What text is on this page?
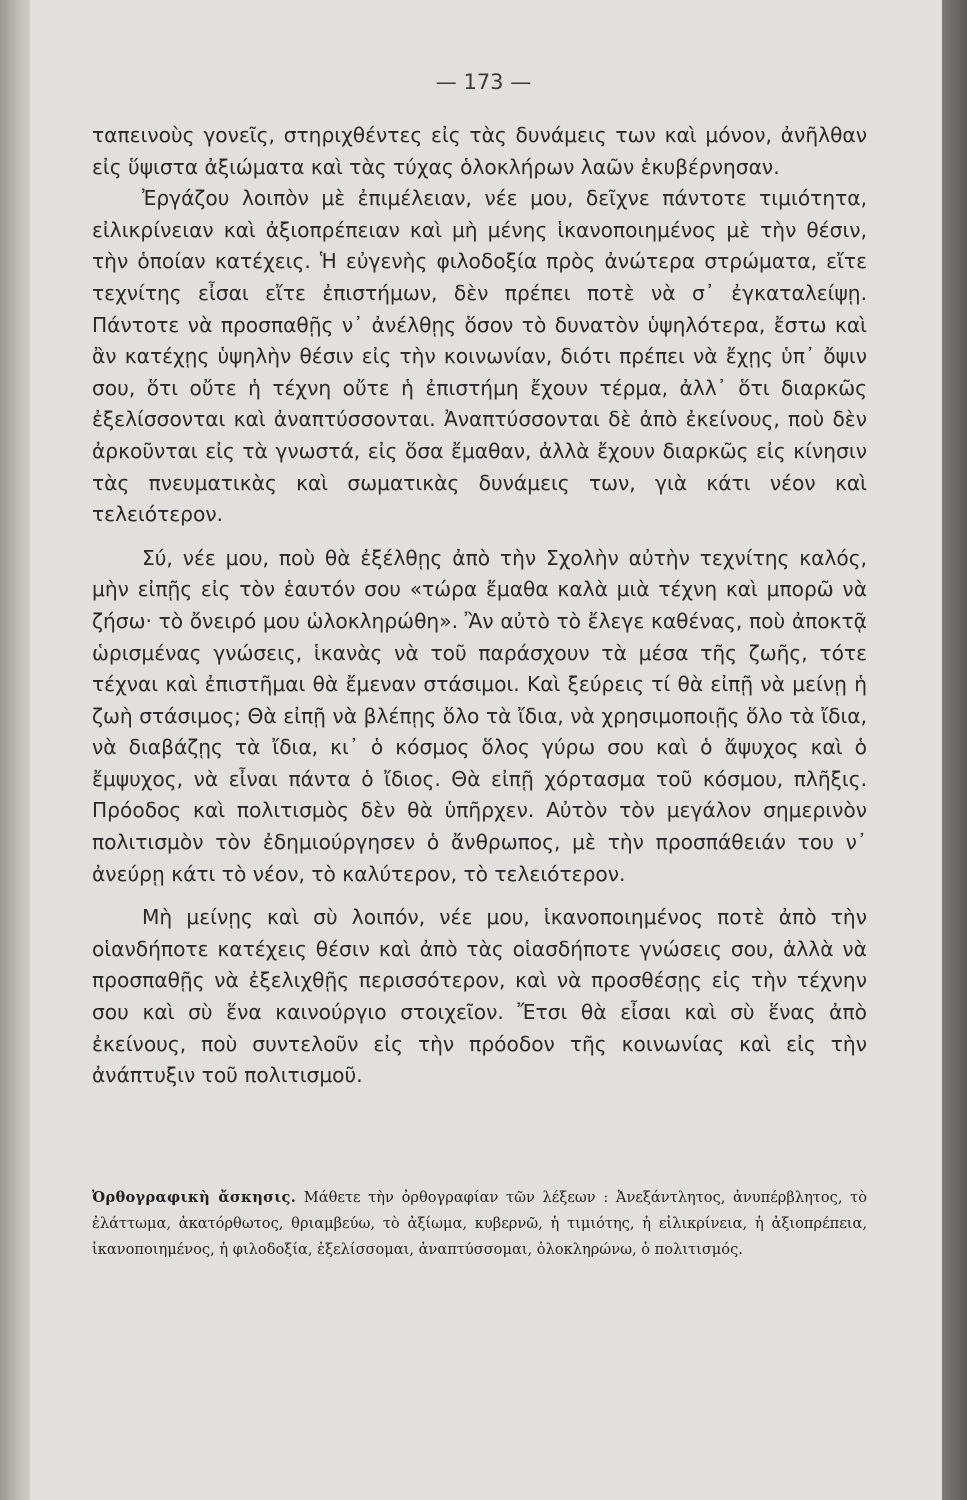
— 173 —

ταπεινοὺς γονεῖς, στηριχθέντες εἰς τὰς δυνάμεις των καὶ μόνον, ἀνῆλθαν εἰς ὕψιστα ἀξιώματα καὶ τὰς τύχας ὁλοκλήρων λαῶν ἐκυβέρνησαν.

Ἐργάζου λοιπὸν μὲ ἐπιμέλειαν, νέε μου, δεῖχνε πάντοτε τιμιότητα, εἰλικρίνειαν καὶ ἀξιοπρέπειαν καὶ μὴ μένης ἱκανοποιημένος μὲ τὴν θέσιν, τὴν ὁποίαν κατέχεις. Ἡ εὐγενὴς φιλοδοξία πρὸς ἀνώτερα στρώματα, εἴτε τεχνίτης εἶσαι εἴτε ἐπιστήμων, δὲν πρέπει ποτὲ νὰ σ᾿ ἐγκαταλείψῃ. Πάντοτε νὰ προσπαθῇς ν᾿ ἀνέλθῃς ὅσον τὸ δυνατὸν ὑψηλότερα, ἔστω καὶ ἂν κατέχῃς ὑψηλὴν θέσιν εἰς τὴν κοινωνίαν, διότι πρέπει νὰ ἔχῃς ὑπ᾿ ὄψιν σου, ὅτι οὔτε ἡ τέχνη οὔτε ἡ ἐπιστήμη ἔχουν τέρμα, ἀλλ᾿ ὅτι διαρκῶς ἐξελίσσονται καὶ ἀναπτύσσονται. Ἀναπτύσσονται δὲ ἀπὸ ἐκείνους, ποὺ δὲν ἀρκοῦνται εἰς τὰ γνωστά, εἰς ὅσα ἔμαθαν, ἀλλὰ ἔχουν διαρκῶς εἰς κίνησιν τὰς πνευματικὰς καὶ σωματικὰς δυνάμεις των, γιὰ κάτι νέον καὶ τελειότερον.

Σύ, νέε μου, ποὺ θὰ ἐξέλθῃς ἀπὸ τὴν Σχολὴν αὐτὴν τεχνίτης καλός, μὴν εἰπῇς εἰς τὸν ἑαυτόν σου «τώρα ἔμαθα καλὰ μιὰ τέχνη καὶ μπορῶ νὰ ζήσω· τὸ ὄνειρό μου ὡλοκληρώθη». Ἂν αὐτὸ τὸ ἔλεγε καθένας, ποὺ ἀποκτᾷ ὡρισμένας γνώσεις, ἱκανὰς νὰ τοῦ παράσχουν τὰ μέσα τῆς ζωῆς, τότε τέχναι καὶ ἐπιστῆμαι θὰ ἔμεναν στάσιμοι. Καὶ ξεύρεις τί θὰ εἰπῇ νὰ μείνῃ ἡ ζωὴ στάσιμος; Θὰ εἰπῇ νὰ βλέπῃς ὅλο τὰ ἴδια, νὰ χρησιμοποιῇς ὅλο τὰ ἴδια, νὰ διαβάζῃς τὰ ἴδια, κι᾿ ὁ κόσμος ὅλος γύρω σου καὶ ὁ ἄψυχος καὶ ὁ ἔμψυχος, νὰ εἶναι πάντα ὁ ἴδιος. Θὰ εἰπῇ χόρτασμα τοῦ κόσμου, πλῆξις. Πρόοδος καὶ πολιτισμὸς δὲν θὰ ὑπῆρχεν. Αὐτὸν τὸν μεγάλον σημερινὸν πολιτισμὸν τὸν ἐδημιούργησεν ὁ ἄνθρωπος, μὲ τὴν προσπάθειάν του ν᾿ ἀνεύρῃ κάτι τὸ νέον, τὸ καλύτερον, τὸ τελειότερον.

Μὴ μείνῃς καὶ σὺ λοιπόν, νέε μου, ἱκανοποιημένος ποτὲ ἀπὸ τὴν οἱανδήποτε κατέχεις θέσιν καὶ ἀπὸ τὰς οἱασδήποτε γνώσεις σου, ἀλλὰ νὰ προσπαθῇς νὰ ἐξελιχθῇς περισσότερον, καὶ νὰ προσθέσῃς εἰς τὴν τέχνην σου καὶ σὺ ἕνα καινούργιο στοιχεῖον. Ἔτσι θὰ εἶσαι καὶ σὺ ἕνας ἀπὸ ἐκείνους, ποὺ συντελοῦν εἰς τὴν πρόοδον τῆς κοινωνίας καὶ εἰς τὴν ἀνάπτυξιν τοῦ πολιτισμοῦ.

Ὀρθογραφικὴ ἄσκησις. Μάθετε τὴν ὀρθογραφίαν τῶν λέξεων : Ἀνεξάντλητος, ἀνυπέρβλητος, τὸ ἐλάττωμα, ἀκατόρθωτος, θριαμβεύω, τὸ ἀξίωμα, κυβερνῶ, ἡ τιμιότης, ἡ εἰλικρίνεια, ἡ ἀξιοπρέπεια, ἱκανοποιημένος, ἡ φιλοδοξία, ἐξελίσσομαι, ἀναπτύσσομαι, ὁλοκληρώνω, ὁ πολιτισμός.
